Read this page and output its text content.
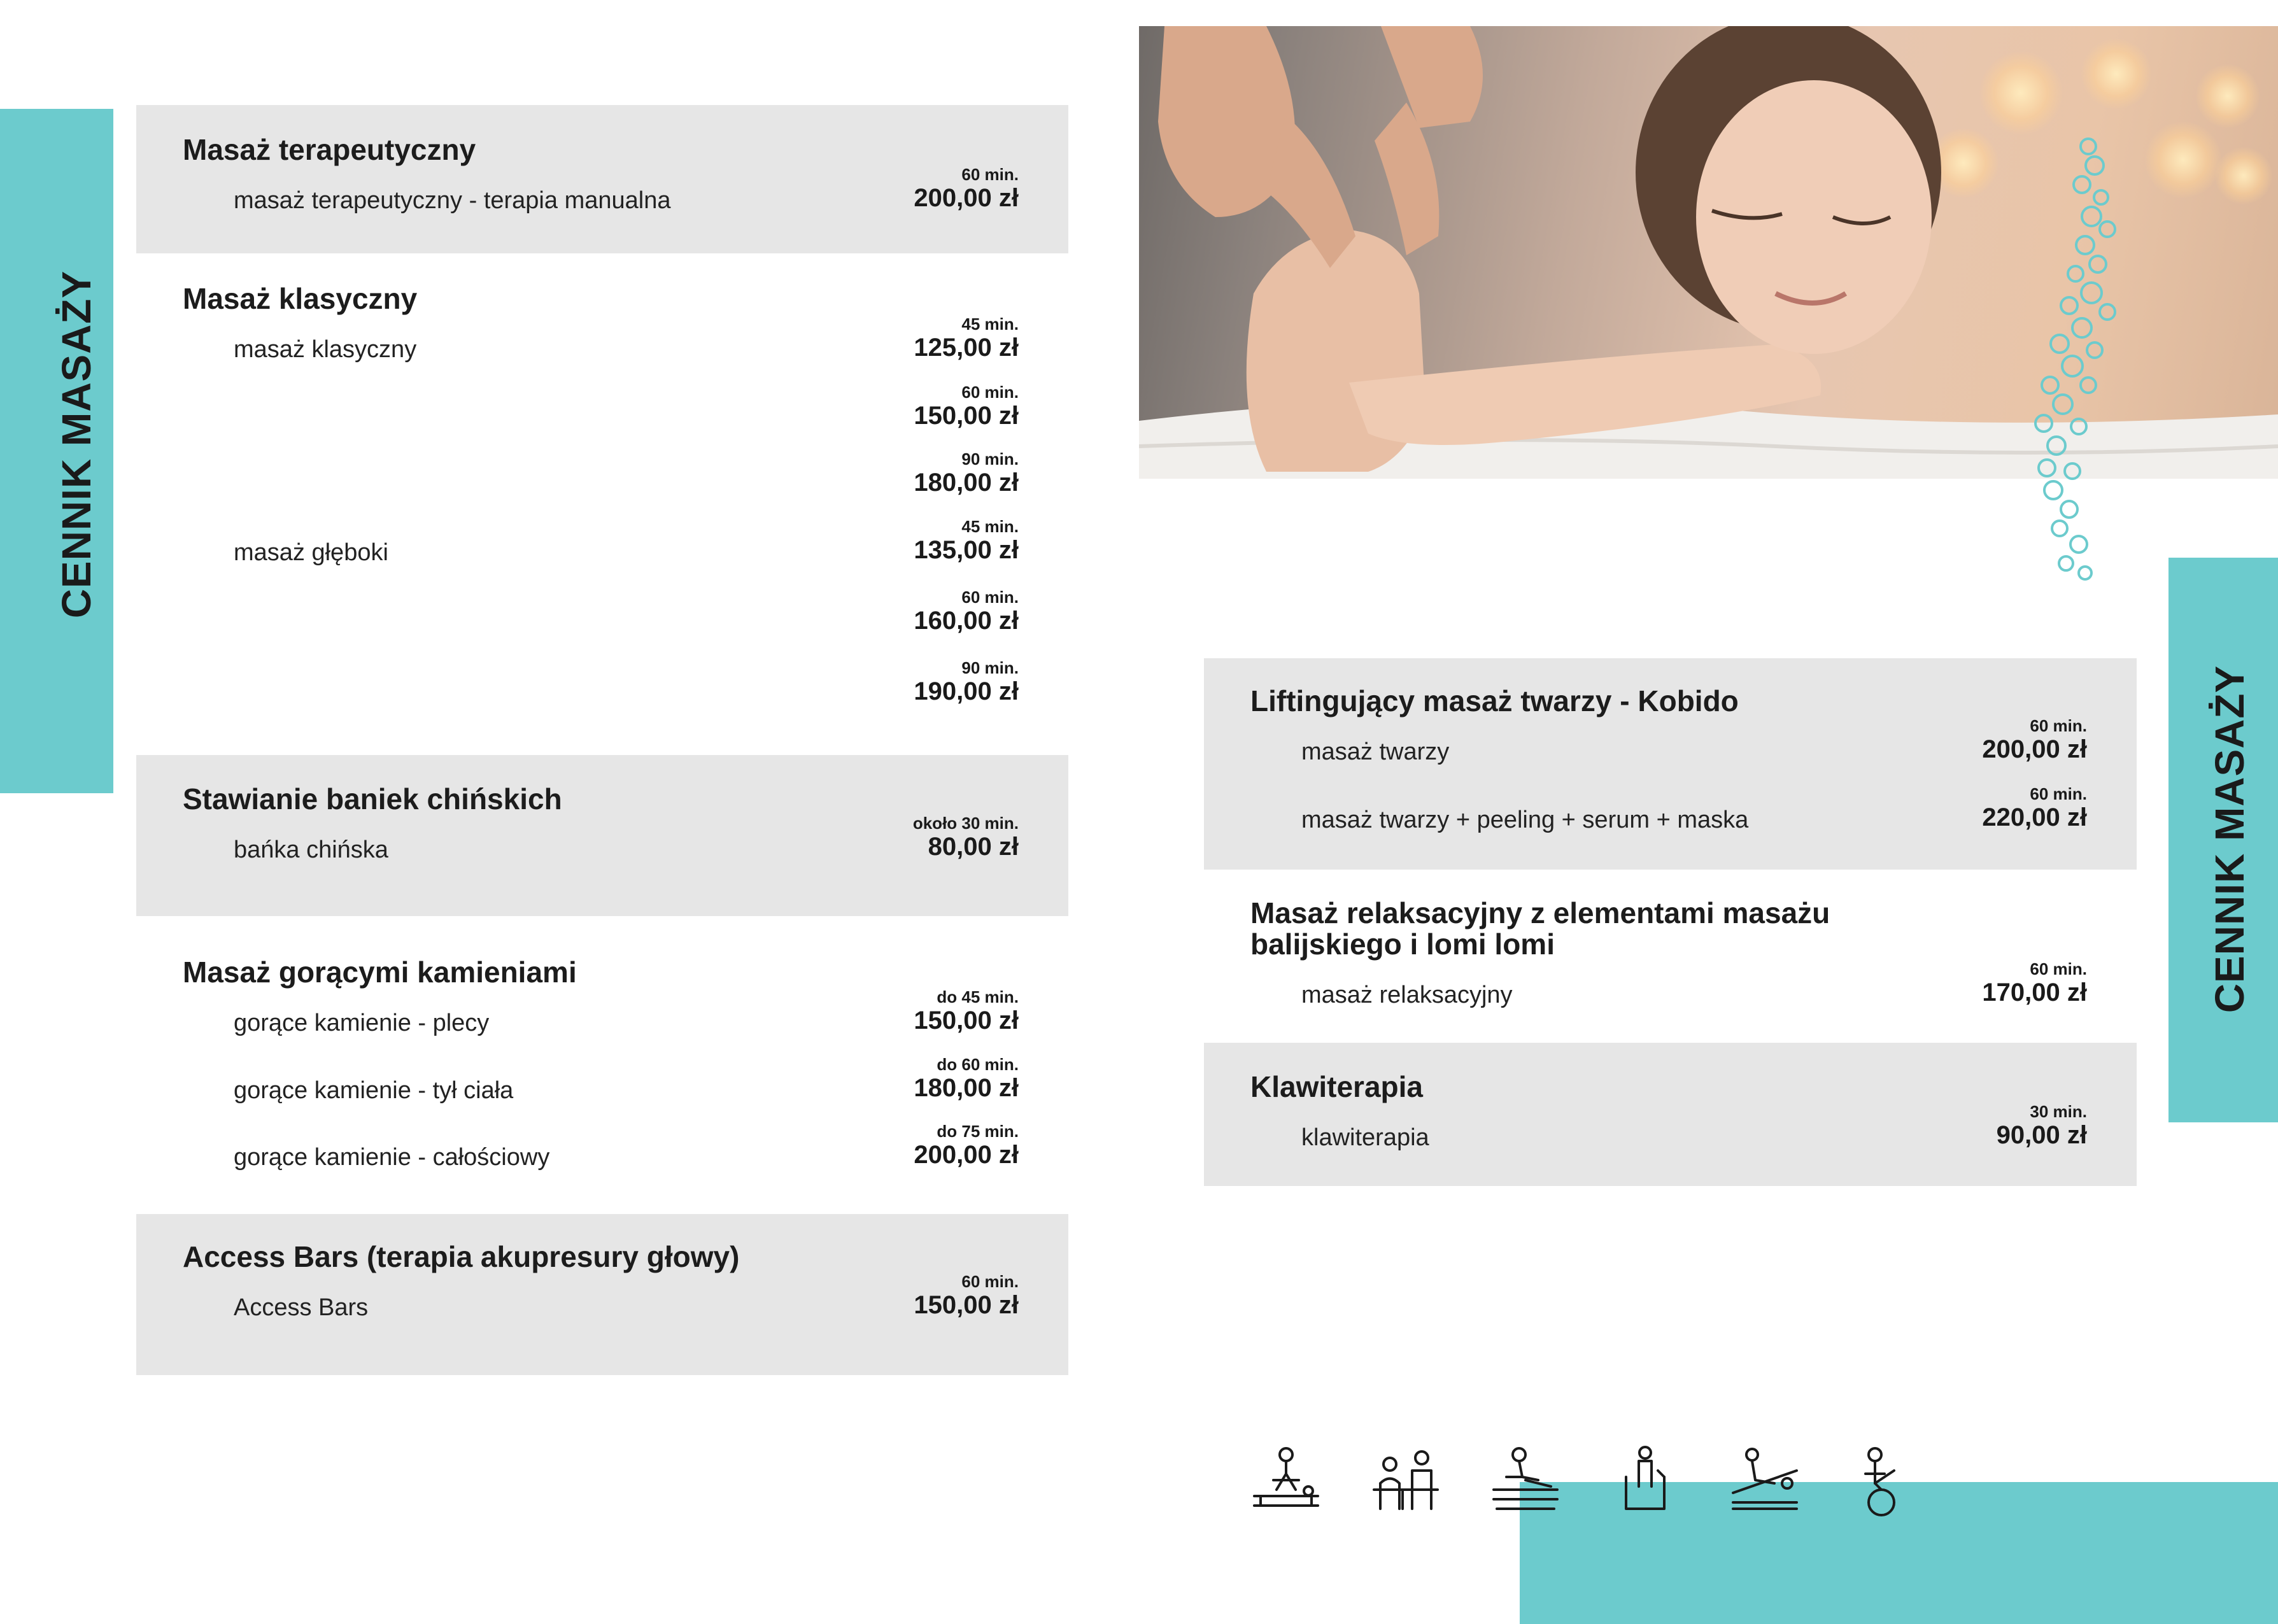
CENNIK MASAŻY
CENNIK MASAŻY
Masaż terapeutyczny
masaż terapeutyczny - terapia manualna
60 min.
200,00 zł
Masaż klasyczny
masaż klasyczny
45 min.
125,00 zł
60 min.
150,00 zł
90 min.
180,00 zł
masaż głęboki
45 min.
135,00 zł
60 min.
160,00 zł
90 min.
190,00 zł
Stawianie baniek chińskich
bańka chińska
około 30 min.
80,00 zł
Masaż gorącymi kamieniami
gorące kamienie - plecy
do 45 min.
150,00 zł
gorące kamienie - tył ciała
do 60 min.
180,00 zł
gorące kamienie - całościowy
do 75 min.
200,00 zł
Access Bars (terapia akupresury głowy)
Access Bars
60 min.
150,00 zł
Liftingujący masaż twarzy - Kobido
masaż twarzy
60 min.
200,00 zł
masaż twarzy + peeling + serum + maska
60 min.
220,00 zł
Masaż relaksacyjny z elementami masażu
balijskiego i lomi lomi
masaż relaksacyjny
60 min.
170,00 zł
Klawiterapia
klawiterapia
30 min.
90,00 zł
